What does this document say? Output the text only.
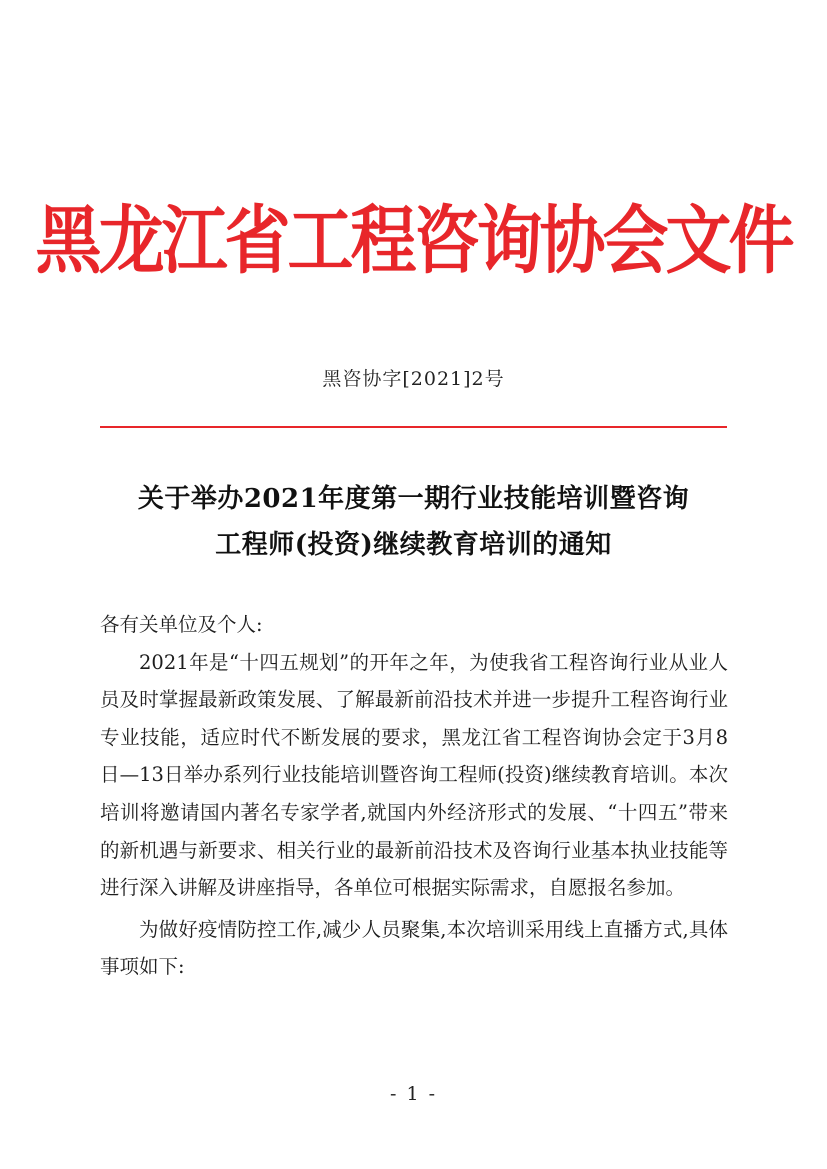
黑龙江省工程咨询协会文件
黑咨协字[2021]2号
关于举办2021年度第一期行业技能培训暨咨询
工程师(投资)继续教育培训的通知

各有关单位及个人:

2021年是“十四五规划”的开年之年，为使我省工程咨询行业从业人员及时掌握最新政策发展、了解最新前沿技术并进一步提升工程咨询行业专业技能，适应时代不断发展的要求，黑龙江省工程咨询协会定于3月8日—13日举办系列行业技能培训暨咨询工程师(投资)继续教育培训。本次培训将邀请国内著名专家学者,就国内外经济形式的发展、“十四五”带来的新机遇与新要求、相关行业的最新前沿技术及咨询行业基本执业技能等进行深入讲解及讲座指导，各单位可根据实际需求，自愿报名参加。

为做好疫情防控工作,减少人员聚集,本次培训采用线上直播方式,具体事项如下:

- 1 -
